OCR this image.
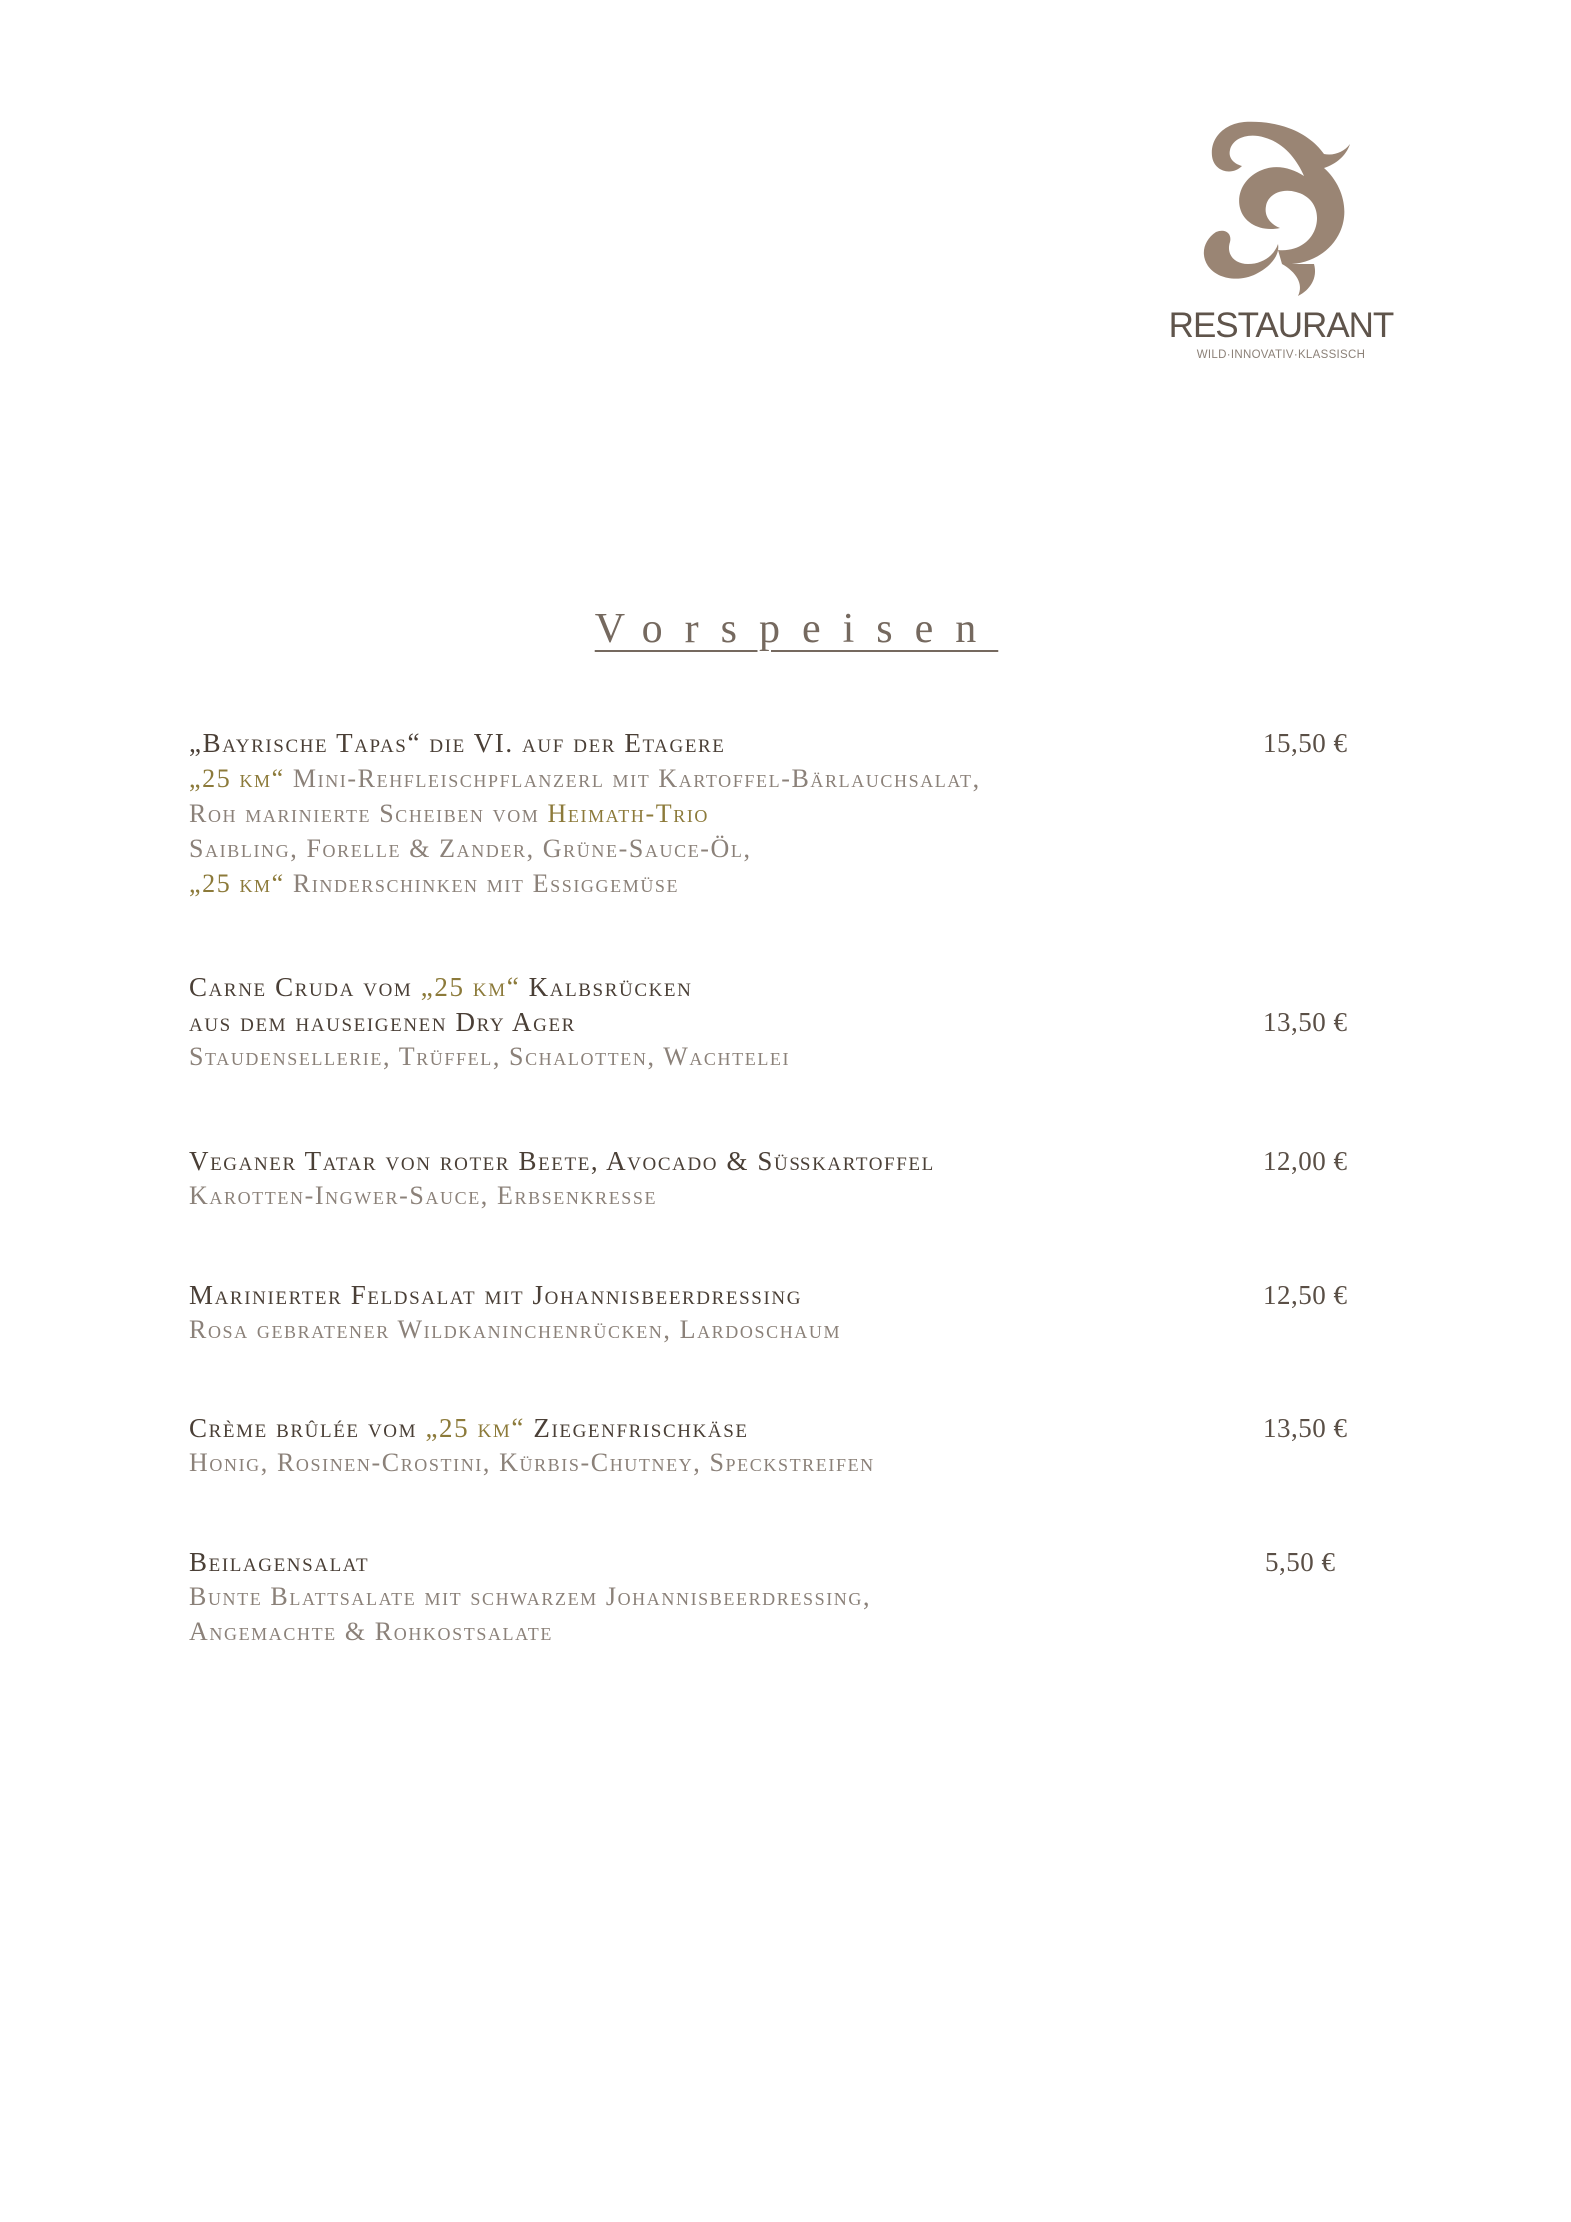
RESTAURANT
WILD·INNOVATIV·KLASSISCH
Vorspeisen
„Bayrische Tapas“ die VI. auf der Etagere	15,50 €
„25 km“ Mini-Rehfleischpflanzerl mit Kartoffel-Bärlauchsalat,
Roh marinierte Scheiben vom Heimath-Trio
Saibling, Forelle & Zander, Grüne-Sauce-Öl,
„25 km“ Rinderschinken mit Essiggemüse
Carne Cruda vom „25 km“ Kalbsrücken
aus dem hauseigenen Dry Ager	13,50 €
Staudensellerie, Trüffel, Schalotten, Wachtelei
Veganer Tatar von roter Beete, Avocado & Süßkartoffel	12,00 €
Karotten-Ingwer-Sauce, Erbsenkresse
Marinierter Feldsalat mit Johannisbeerdressing	12,50 €
Rosa gebratener Wildkaninchenrücken, Lardoschaum
Crème brûlée vom „25 km“ Ziegenfrischkäse	13,50 €
Honig, Rosinen-Crostini, Kürbis-Chutney, Speckstreifen
Beilagensalat	5,50 €
Bunte Blattsalate mit schwarzem Johannisbeerdressing,
Angemachte & Rohkostsalate
